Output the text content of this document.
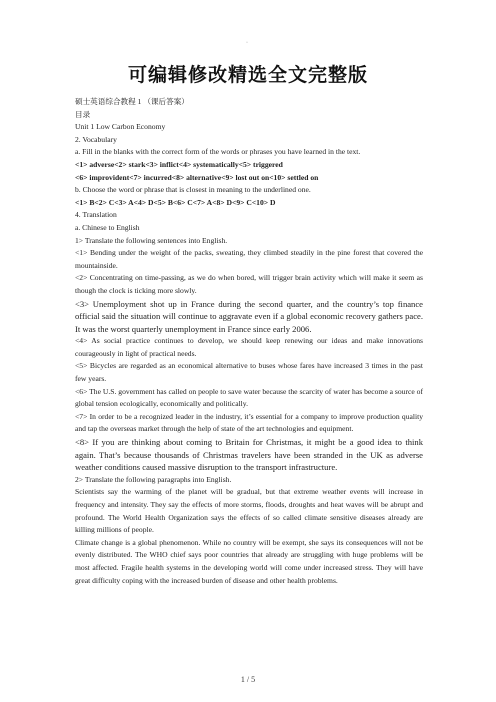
·
可编辑修改精选全文完整版

硕士英语综合教程 1 （课后答案）

目录

Unit 1 Low Carbon Economy

2. Vocabulary

a. Fill in the blanks with the correct form of the words or phrases you have learned in the text.

<1> adverse<2> stark<3> inflict<4> systematically<5> triggered

<6> improvident<7> incurred<8> alternative<9> lost out on<10> settled on

b. Choose the word or phrase that is closest in meaning to the underlined one.

<1> B<2> C<3> A<4> D<5> B<6> C<7> A<8> D<9> C<10> D

4. Translation

a. Chinese to English

1> Translate the following sentences into English.

<1> Bending under the weight of the packs, sweating, they climbed steadily in the pine forest that covered the mountainside.

<2> Concentrating on time-passing, as we do when bored, will trigger brain activity which will make it seem as though the clock is ticking more slowly.

<3> Unemployment shot up in France during the second quarter, and the country’s top finance official said the situation will continue to aggravate even if a global economic recovery gathers pace. It was the worst quarterly unemployment in France since early 2006.

<4> As social practice continues to develop, we should keep renewing our ideas and make innovations courageously in light of practical needs.

<5> Bicycles are regarded as an economical alternative to buses whose fares have increased 3 times in the past few years.

<6> The U.S. government has called on people to save water because the scarcity of water has become a source of global tension ecologically, economically and politically.

<7> In order to be a recognized leader in the industry, it’s essential for a company to improve production quality and tap the overseas market through the help of state of the art technologies and equipment.

<8> If you are thinking about coming to Britain for Christmas, it might be a good idea to think again. That’s because thousands of Christmas travelers have been stranded in the UK as adverse weather conditions caused massive disruption to the transport infrastructure.

2> Translate the following paragraphs into English.

Scientists say the warming of the planet will be gradual, but that extreme weather events will increase in frequency and intensity. They say the effects of more storms, floods, droughts and heat waves will be abrupt and profound. The World Health Organization says the effects of so called climate sensitive diseases already are killing millions of people.

Climate change is a global phenomenon. While no country will be exempt, she says its consequences will not be evenly distributed. The WHO chief says poor countries that already are struggling with huge problems will be most affected. Fragile health systems in the developing world will come under increased stress. They will have great difficulty coping with the increased burden of disease and other health problems.

1 / 5
